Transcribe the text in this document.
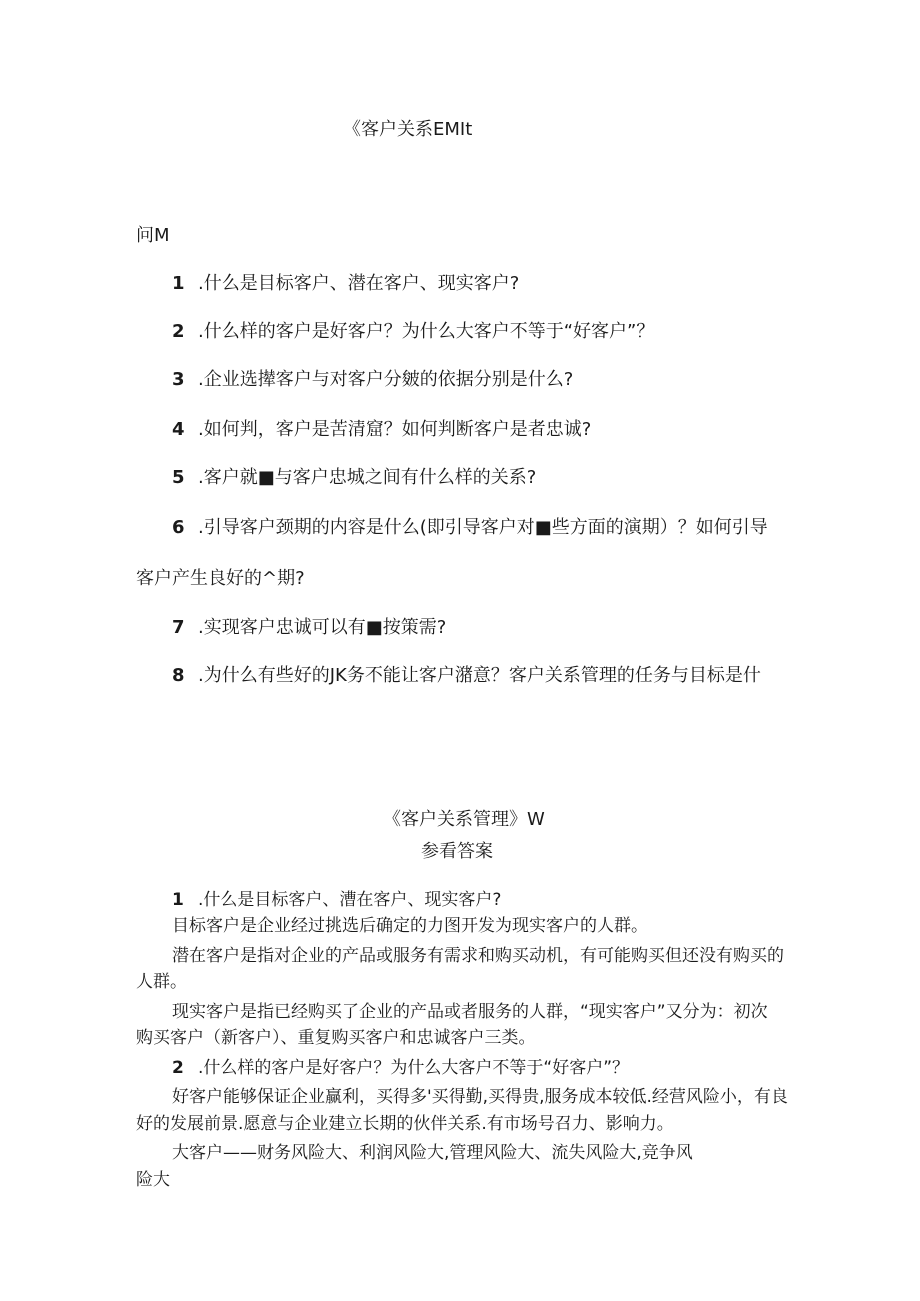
《客户关系EMIt
问M
1 .什么是目标客户、潜在客户、现实客户?
2 .什么样的客户是好客户？为什么大客户不等于“好客户”？
3 .企业选撵客户与对客户分皴的依据分别是什么?
4 .如何判，客户是苦清窟？如何判断客户是者忠诚?
5 .客户就■与客户忠城之间有什么样的关系?
6 .引导客户颈期的内容是什么(即引导客户对■些方面的演期）？如何引导
客户产生良好的^期?
7 .实现客户忠诚可以有■按策需?
8 .为什么有些好的JK务不能让客户潴意？客户关系管理的任务与目标是什
《客户关系管理》W
参看答案
1 .什么是目标客户、漕在客户、现实客户?
目标客户是企业经过挑选后确定的力图开发为现实客户的人群。
潜在客户是指对企业的产品或服务有需求和购买动机，有可能购买但还没有购买的
人群。
现实客户是指已经购买了企业的产品或者服务的人群，“现实客户”又分为：初次
购买客户（新客户）、重复购买客户和忠诚客户三类。
2 .什么样的客户是好客户？为什么大客户不等于“好客户”？
好客户能够保证企业赢利，买得多'买得勤,买得贵,服务成本较低.经营风险小，有良
好的发展前景.愿意与企业建立长期的伙伴关系.有市场号召力、影响力。
大客户——财务风险大、利润风险大,管理风险大、流失风险大,竞争风
险大
